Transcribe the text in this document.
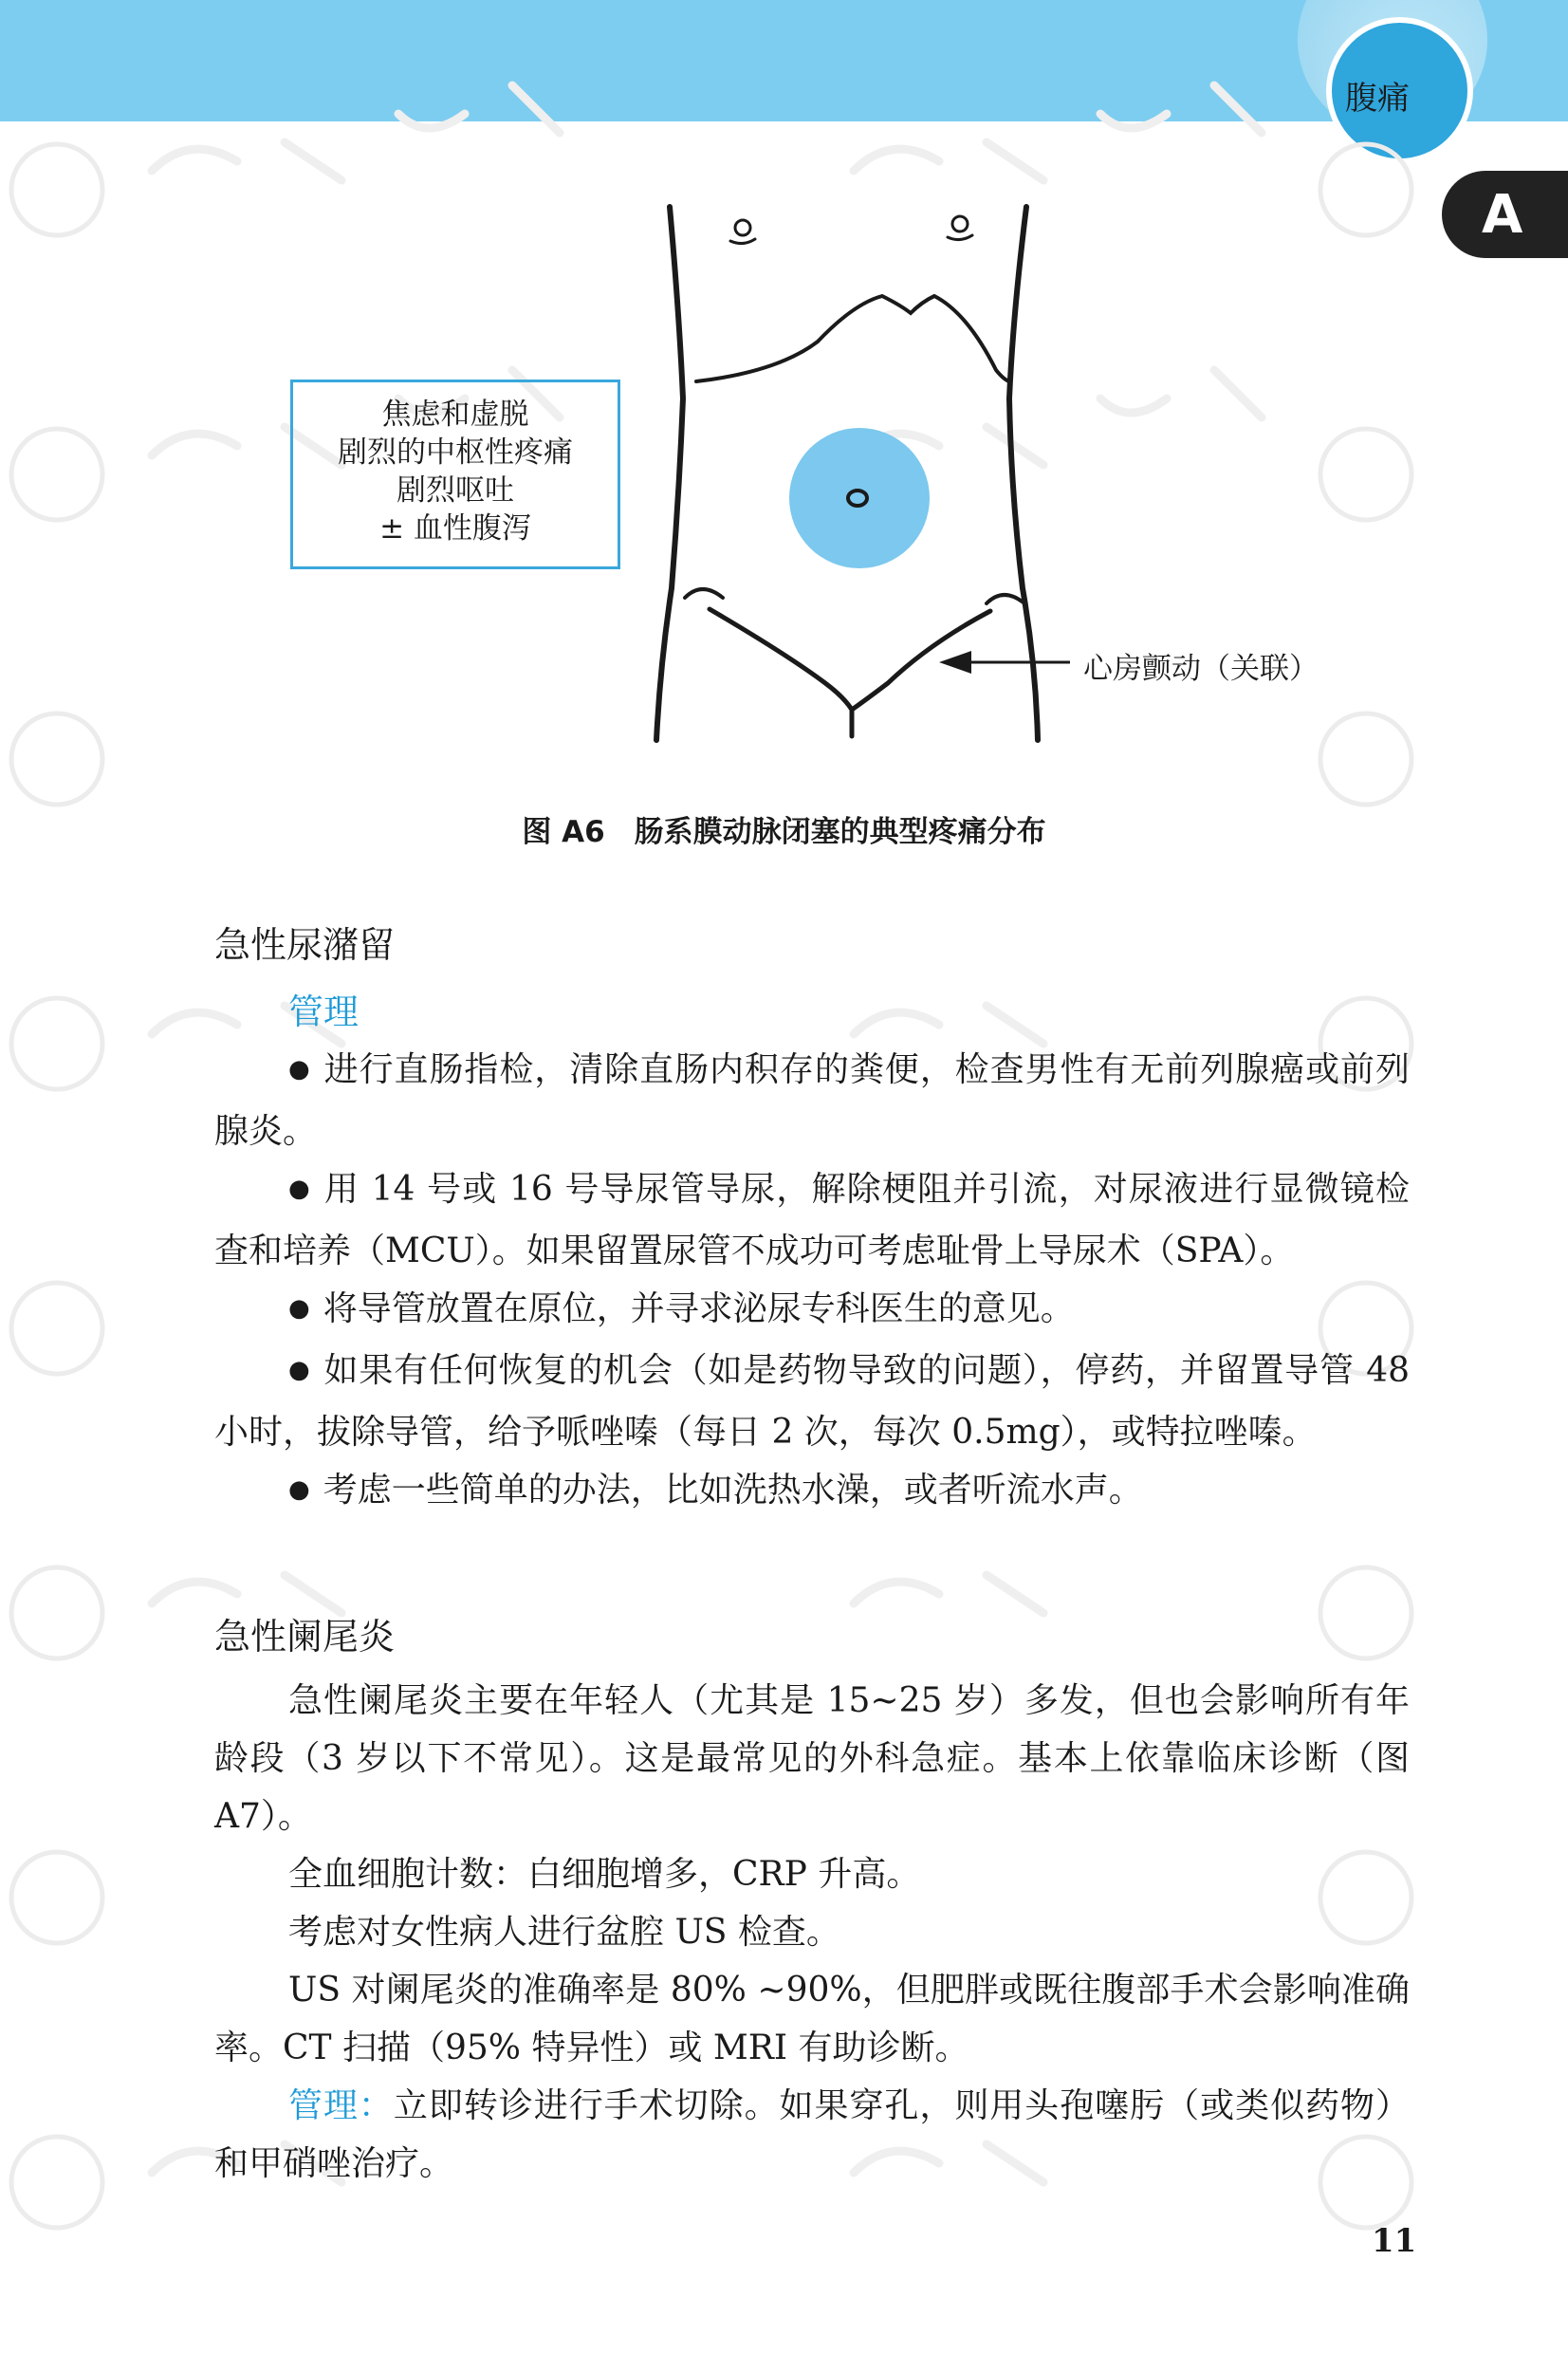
腹痛
A
焦虑和虚脱
剧烈的中枢性疼痛
剧烈呕吐
± 血性腹泻
心房颤动（关联）
图 A6　肠系膜动脉闭塞的典型疼痛分布
急性尿潴留

管理

● 进行直肠指检，清除直肠内积存的粪便，检查男性有无前列腺癌或前列腺炎。

● 用 14 号或 16 号导尿管导尿，解除梗阻并引流，对尿液进行显微镜检查和培养（MCU）。如果留置尿管不成功可考虑耻骨上导尿术（SPA）。

● 将导管放置在原位，并寻求泌尿专科医生的意见。

● 如果有任何恢复的机会（如是药物导致的问题），停药，并留置导管 48 小时，拔除导管，给予哌唑嗪（每日 2 次，每次 0.5mg），或特拉唑嗪。

● 考虑一些简单的办法，比如洗热水澡，或者听流水声。

急性阑尾炎

急性阑尾炎主要在年轻人（尤其是 15~25 岁）多发，但也会影响所有年龄段（3 岁以下不常见）。这是最常见的外科急症。基本上依靠临床诊断（图 A7）。

全血细胞计数：白细胞增多，CRP 升高。

考虑对女性病人进行盆腔 US 检查。

US 对阑尾炎的准确率是 80% ~90%，但肥胖或既往腹部手术会影响准确率。CT 扫描（95% 特异性）或 MRI 有助诊断。

管理：立即转诊进行手术切除。如果穿孔，则用头孢噻肟（或类似药物）和甲硝唑治疗。

11
